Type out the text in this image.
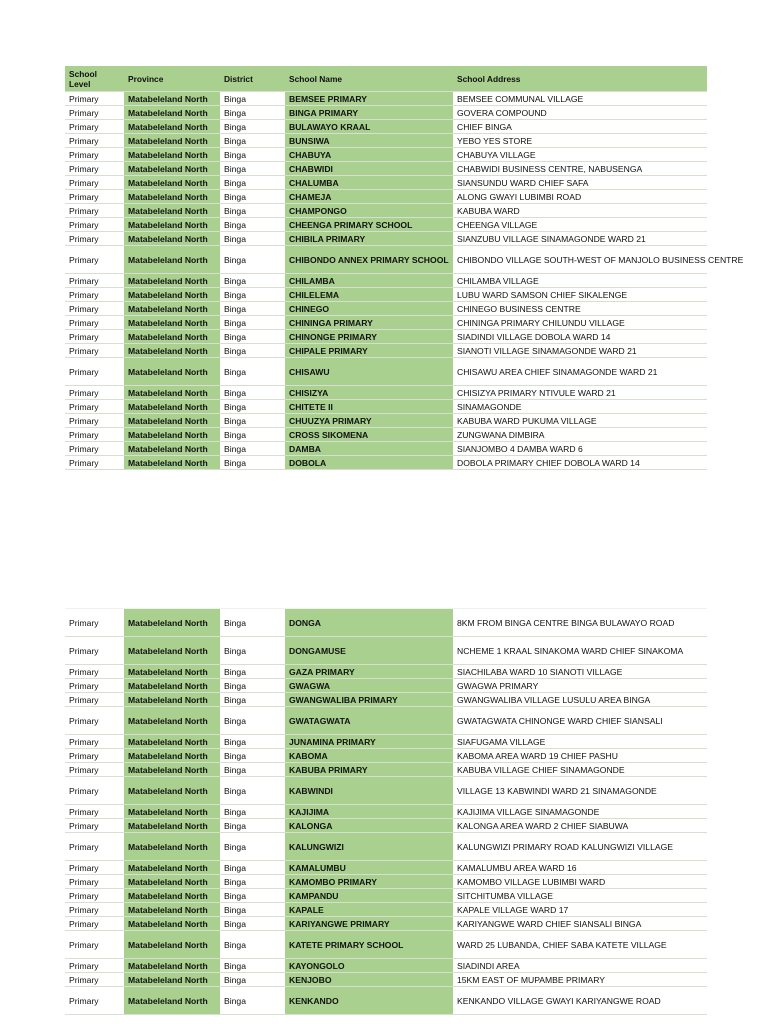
School Level	Province	District	School Name	School Address
Primary	Matabeleland North	Binga	BEMSEE PRIMARY	BEMSEE COMMUNAL VILLAGE
Primary	Matabeleland North	Binga	BINGA PRIMARY	GOVERA COMPOUND
Primary	Matabeleland North	Binga	BULAWAYO KRAAL	CHIEF BINGA
Primary	Matabeleland North	Binga	BUNSIWA	YEBO YES STORE
Primary	Matabeleland North	Binga	CHABUYA	CHABUYA VILLAGE
Primary	Matabeleland North	Binga	CHABWIDI	CHABWIDI BUSINESS CENTRE, NABUSENGA
Primary	Matabeleland North	Binga	CHALUMBA	SIANSUNDU WARD CHIEF SAFA
Primary	Matabeleland North	Binga	CHAMEJA	ALONG GWAYI LUBIMBI ROAD
Primary	Matabeleland North	Binga	CHAMPONGO	KABUBA WARD
Primary	Matabeleland North	Binga	CHEENGA PRIMARY SCHOOL	CHEENGA VILLAGE
Primary	Matabeleland North	Binga	CHIBILA PRIMARY	SIANZUBU VILLAGE SINAMAGONDE WARD 21
Primary	Matabeleland North	Binga	CHIBONDO ANNEX PRIMARY SCHOOL	CHIBONDO VILLAGE SOUTH-WEST OF MANJOLO BUSINESS CENTRE
Primary	Matabeleland North	Binga	CHILAMBA	CHILAMBA VILLAGE
Primary	Matabeleland North	Binga	CHILELEMA	LUBU WARD SAMSON CHIEF SIKALENGE
Primary	Matabeleland North	Binga	CHINEGO	CHINEGO BUSINESS CENTRE
Primary	Matabeleland North	Binga	CHININGA PRIMARY	CHININGA PRIMARY CHILUNDU VILLAGE
Primary	Matabeleland North	Binga	CHINONGE PRIMARY	SIADINDI VILLAGE DOBOLA WARD 14
Primary	Matabeleland North	Binga	CHIPALE PRIMARY	SIANOTI VILLAGE SINAMAGONDE WARD 21
Primary	Matabeleland North	Binga	CHISAWU	CHISAWU AREA CHIEF SINAMAGONDE WARD 21
Primary	Matabeleland North	Binga	CHISIZYA	CHISIZYA PRIMARY NTIVULE WARD 21
Primary	Matabeleland North	Binga	CHITETE II	SINAMAGONDE
Primary	Matabeleland North	Binga	CHUUZYA PRIMARY	KABUBA WARD PUKUMA VILLAGE
Primary	Matabeleland North	Binga	CROSS SIKOMENA	ZUNGWANA DIMBIRA
Primary	Matabeleland North	Binga	DAMBA	SIANJOMBO 4 DAMBA WARD 6
Primary	Matabeleland North	Binga	DOBOLA	DOBOLA PRIMARY CHIEF DOBOLA WARD 14
Primary	Matabeleland North	Binga	DONGA	8KM FROM BINGA CENTRE BINGA BULAWAYO ROAD
Primary	Matabeleland North	Binga	DONGAMUSE	NCHEME 1 KRAAL SINAKOMA WARD CHIEF SINAKOMA
Primary	Matabeleland North	Binga	GAZA PRIMARY	SIACHILABA WARD 10 SIANOTI VILLAGE
Primary	Matabeleland North	Binga	GWAGWA	GWAGWA PRIMARY
Primary	Matabeleland North	Binga	GWANGWALIBA PRIMARY	GWANGWALIBA VILLAGE LUSULU AREA BINGA
Primary	Matabeleland North	Binga	GWATAGWATA	GWATAGWATA CHINONGE WARD CHIEF SIANSALI
Primary	Matabeleland North	Binga	JUNAMINA PRIMARY	SIAFUGAMA VILLAGE
Primary	Matabeleland North	Binga	KABOMA	KABOMA AREA WARD 19 CHIEF PASHU
Primary	Matabeleland North	Binga	KABUBA PRIMARY	KABUBA VILLAGE CHIEF SINAMAGONDE
Primary	Matabeleland North	Binga	KABWINDI	VILLAGE 13 KABWINDI WARD 21 SINAMAGONDE
Primary	Matabeleland North	Binga	KAJIJIMA	KAJIJIMA VILLAGE SINAMAGONDE
Primary	Matabeleland North	Binga	KALONGA	KALONGA AREA WARD 2 CHIEF SIABUWA
Primary	Matabeleland North	Binga	KALUNGWIZI	KALUNGWIZI PRIMARY ROAD KALUNGWIZI VILLAGE
Primary	Matabeleland North	Binga	KAMALUMBU	KAMALUMBU AREA WARD 16
Primary	Matabeleland North	Binga	KAMOMBO PRIMARY	KAMOMBO VILLAGE LUBIMBI WARD
Primary	Matabeleland North	Binga	KAMPANDU	SITCHITUMBA VILLAGE
Primary	Matabeleland North	Binga	KAPALE	KAPALE VILLAGE WARD 17
Primary	Matabeleland North	Binga	KARIYANGWE PRIMARY	KARIYANGWE WARD CHIEF SIANSALI BINGA
Primary	Matabeleland North	Binga	KATETE PRIMARY SCHOOL	WARD 25 LUBANDA, CHIEF SABA KATETE VILLAGE
Primary	Matabeleland North	Binga	KAYONGOLO	SIADINDI AREA
Primary	Matabeleland North	Binga	KENJOBO	15KM EAST OF MUPAMBE PRIMARY
Primary	Matabeleland North	Binga	KENKANDO	KENKANDO VILLAGE GWAYI KARIYANGWE ROAD
